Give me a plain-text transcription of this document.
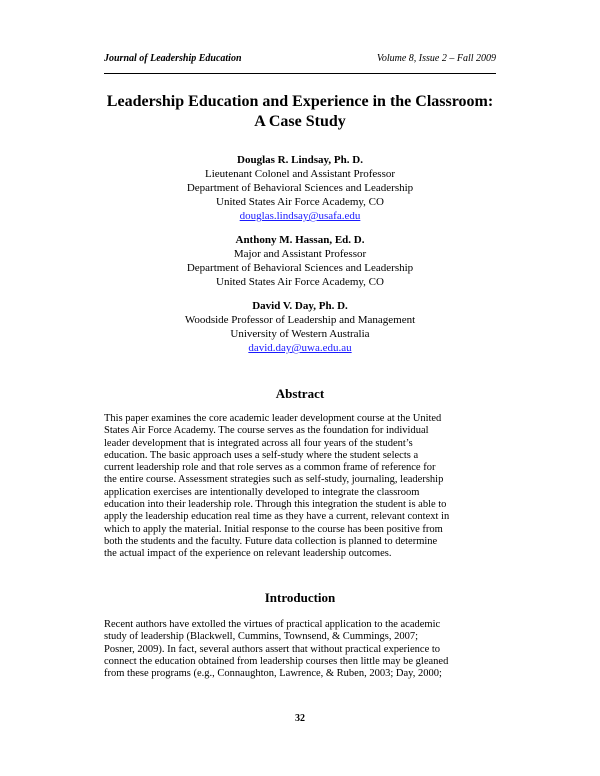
Journal of Leadership Education	Volume 8, Issue 2 – Fall 2009
Leadership Education and Experience in the Classroom:
A Case Study
Douglas R. Lindsay, Ph. D.
Lieutenant Colonel and Assistant Professor
Department of Behavioral Sciences and Leadership
United States Air Force Academy, CO
douglas.lindsay@usafa.edu
Anthony M. Hassan, Ed. D.
Major and Assistant Professor
Department of Behavioral Sciences and Leadership
United States Air Force Academy, CO
David V. Day, Ph. D.
Woodside Professor of Leadership and Management
University of Western Australia
david.day@uwa.edu.au
Abstract
This paper examines the core academic leader development course at the United
States Air Force Academy. The course serves as the foundation for individual
leader development that is integrated across all four years of the student’s
education. The basic approach uses a self-study where the student selects a
current leadership role and that role serves as a common frame of reference for
the entire course. Assessment strategies such as self-study, journaling, leadership
application exercises are intentionally developed to integrate the classroom
education into their leadership role. Through this integration the student is able to
apply the leadership education real time as they have a current, relevant context in
which to apply the material. Initial response to the course has been positive from
both the students and the faculty. Future data collection is planned to determine
the actual impact of the experience on relevant leadership outcomes.
Introduction
Recent authors have extolled the virtues of practical application to the academic
study of leadership (Blackwell, Cummins, Townsend, & Cummings, 2007;
Posner, 2009). In fact, several authors assert that without practical experience to
connect the education obtained from leadership courses then little may be gleaned
from these programs (e.g., Connaughton, Lawrence, & Ruben, 2003; Day, 2000;
32
